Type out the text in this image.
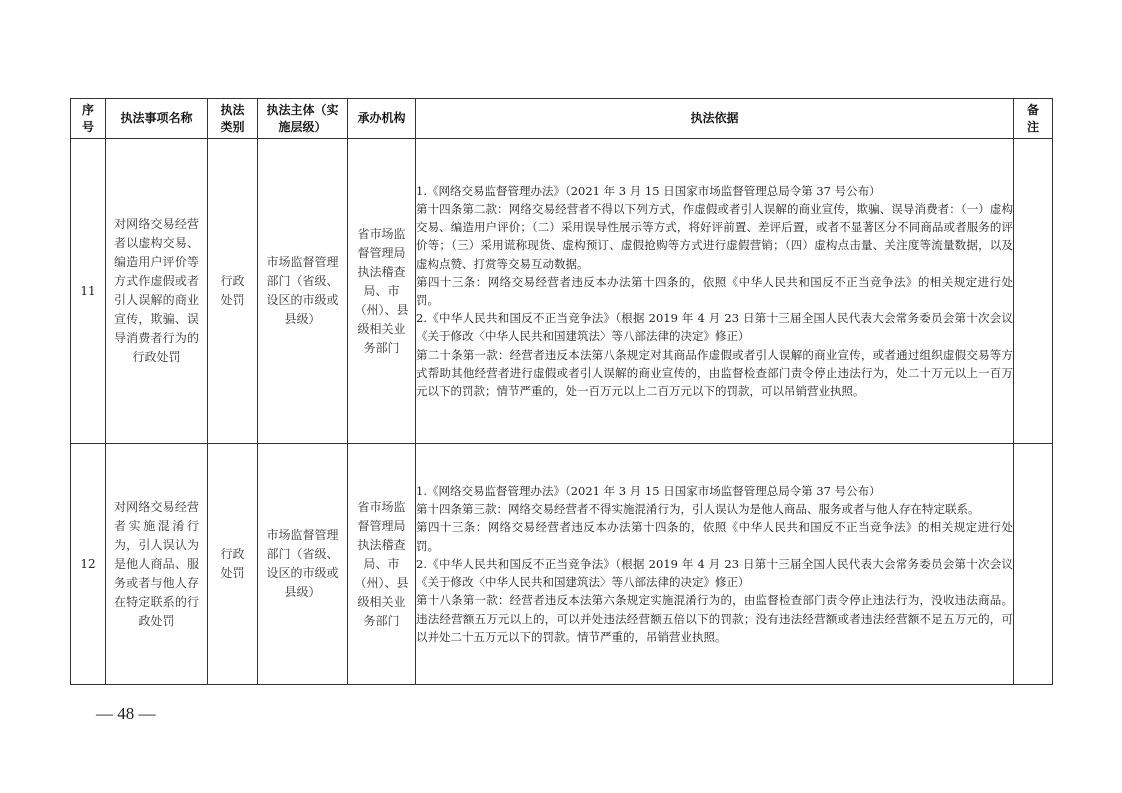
序号	执法事项名称	执法类别	执法主体（实施层级）	承办机构	执法依据	备注
11	对网络交易经营者以虚构交易、编造用户评价等方式作虚假或者引人误解的商业宣传，欺骗、误导消费者行为的行政处罚	行政处罚	市场监督管理部门（省级、设区的市级或县级）	省市场监督管理局执法稽查局、市（州）、县级相关业务部门	1.《网络交易监督管理办法》（2021 年 3 月 15 日国家市场监督管理总局令第 37 号公布）

第十四条第二款：网络交易经营者不得以下列方式，作虚假或者引人误解的商业宣传，欺骗、误导消费者：（一）虚构交易、编造用户评价；（二）采用误导性展示等方式，将好评前置、差评后置，或者不显著区分不同商品或者服务的评价等；（三）采用谎称现货、虚构预订、虚假抢购等方式进行虚假营销；（四）虚构点击量、关注度等流量数据，以及虚构点赞、打赏等交易互动数据。

第四十三条：网络交易经营者违反本办法第十四条的，依照《中华人民共和国反不正当竞争法》的相关规定进行处罚。

2.《中华人民共和国反不正当竞争法》（根据 2019 年 4 月 23 日第十三届全国人民代表大会常务委员会第十次会议《关于修改〈中华人民共和国建筑法〉等八部法律的决定》修正）

第二十条第一款：经营者违反本法第八条规定对其商品作虚假或者引人误解的商业宣传，或者通过组织虚假交易等方式帮助其他经营者进行虚假或者引人误解的商业宣传的，由监督检查部门责令停止违法行为，处二十万元以上一百万元以下的罚款；情节严重的，处一百万元以上二百万元以下的罚款，可以吊销营业执照。	

12	对网络交易经营者实施混淆行为，引人误认为是他人商品、服务或者与他人存在特定联系的行政处罚	行政处罚	市场监督管理部门（省级、设区的市级或县级）	省市场监督管理局执法稽查局、市（州）、县级相关业务部门	1.《网络交易监督管理办法》（2021 年 3 月 15 日国家市场监督管理总局令第 37 号公布）

第十四条第三款：网络交易经营者不得实施混淆行为，引人误认为是他人商品、服务或者与他人存在特定联系。

第四十三条：网络交易经营者违反本办法第十四条的，依照《中华人民共和国反不正当竞争法》的相关规定进行处罚。

2.《中华人民共和国反不正当竞争法》（根据 2019 年 4 月 23 日第十三届全国人民代表大会常务委员会第十次会议《关于修改〈中华人民共和国建筑法〉等八部法律的决定》修正）

第十八条第一款：经营者违反本法第六条规定实施混淆行为的，由监督检查部门责令停止违法行为，没收违法商品。违法经营额五万元以上的，可以并处违法经营额五倍以下的罚款；没有违法经营额或者违法经营额不足五万元的，可以并处二十五万元以下的罚款。情节严重的，吊销营业执照。	

— 48 —
